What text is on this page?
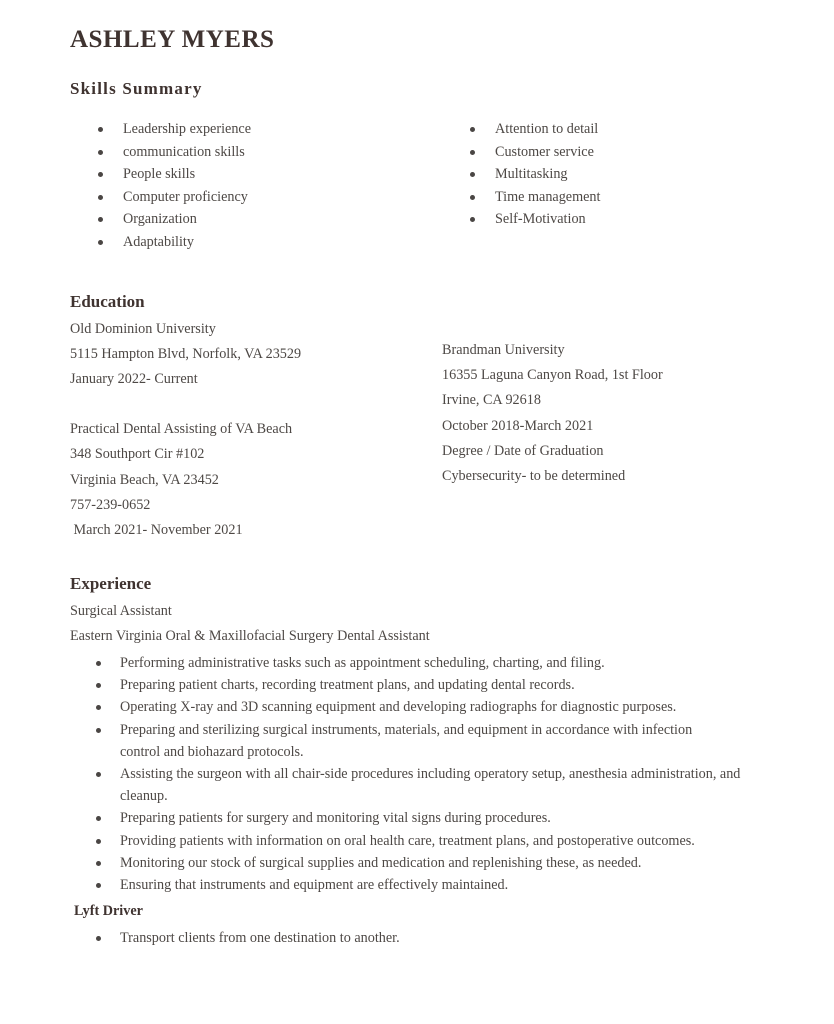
ASHLEY MYERS
Skills Summary
Leadership experience
communication skills
People skills
Computer proficiency
Organization
Adaptability
Attention to detail
Customer service
Multitasking
Time management
Self-Motivation
Education
Old Dominion University
5115 Hampton Blvd, Norfolk, VA 23529
January 2022- Current
Practical Dental Assisting of VA Beach
348 Southport Cir #102
Virginia Beach, VA 23452
757-239-0652
March 2021- November 2021
Brandman University
16355 Laguna Canyon Road, 1st Floor
Irvine, CA 92618
October 2018-March 2021
Degree / Date of Graduation
Cybersecurity- to be determined
Experience
Surgical Assistant
Eastern Virginia Oral & Maxillofacial Surgery Dental Assistant
Performing administrative tasks such as appointment scheduling, charting, and filing.
Preparing patient charts, recording treatment plans, and updating dental records.
Operating X-ray and 3D scanning equipment and developing radiographs for diagnostic purposes.
Preparing and sterilizing surgical instruments, materials, and equipment in accordance with infection control and biohazard protocols.
Assisting the surgeon with all chair-side procedures including operatory setup, anesthesia administration, and cleanup.
Preparing patients for surgery and monitoring vital signs during procedures.
Providing patients with information on oral health care, treatment plans, and postoperative outcomes.
Monitoring our stock of surgical supplies and medication and replenishing these, as needed.
Ensuring that instruments and equipment are effectively maintained.
Lyft Driver
Transport clients from one destination to another.
